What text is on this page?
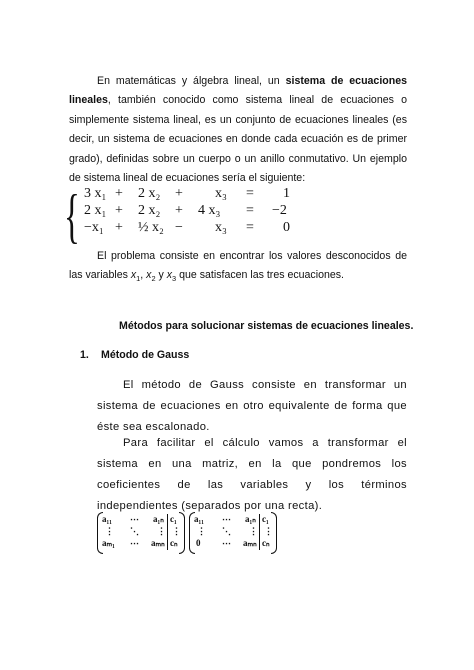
En matemáticas y álgebra lineal, un sistema de ecuaciones lineales, también conocido como sistema lineal de ecuaciones o simplemente sistema lineal, es un conjunto de ecuaciones lineales (es decir, un sistema de ecuaciones en donde cada ecuación es de primer grado), definidas sobre un cuerpo o un anillo conmutativo. Un ejemplo de sistema lineal de ecuaciones sería el siguiente:

{ 3 x₁ + 2 x₂ + x₃ = 1
2 x₁ + 2 x₂ + 4 x₃ = −2
−x₁ + ½ x₂ − x₃ = 0

El problema consiste en encontrar los valores desconocidos de las variables $x_1$, $x_2$ y $x_3$ que satisfacen las tres ecuaciones.

Métodos para solucionar sistemas de ecuaciones lineales.
1. Método de Gauss

El método de Gauss consiste en transformar un sistema de ecuaciones en otro equivalente de forma que éste sea escalonado.

Para facilitar el cálculo vamos a transformar el sistema en una matriz, en la que pondremos los coeficientes de las variables y los términos independientes (separados por una recta).

a₁₁ ⋯ a₁ₙ c₁
⋮ ⋱ ⋮ ⋮
aₘ₁ ⋯ aₘₙ cₙ
a₁₁ ⋯ a₁ₙ c₁
⋮ ⋱ ⋮ ⋮
0 ⋯ aₘₙ cₙ
